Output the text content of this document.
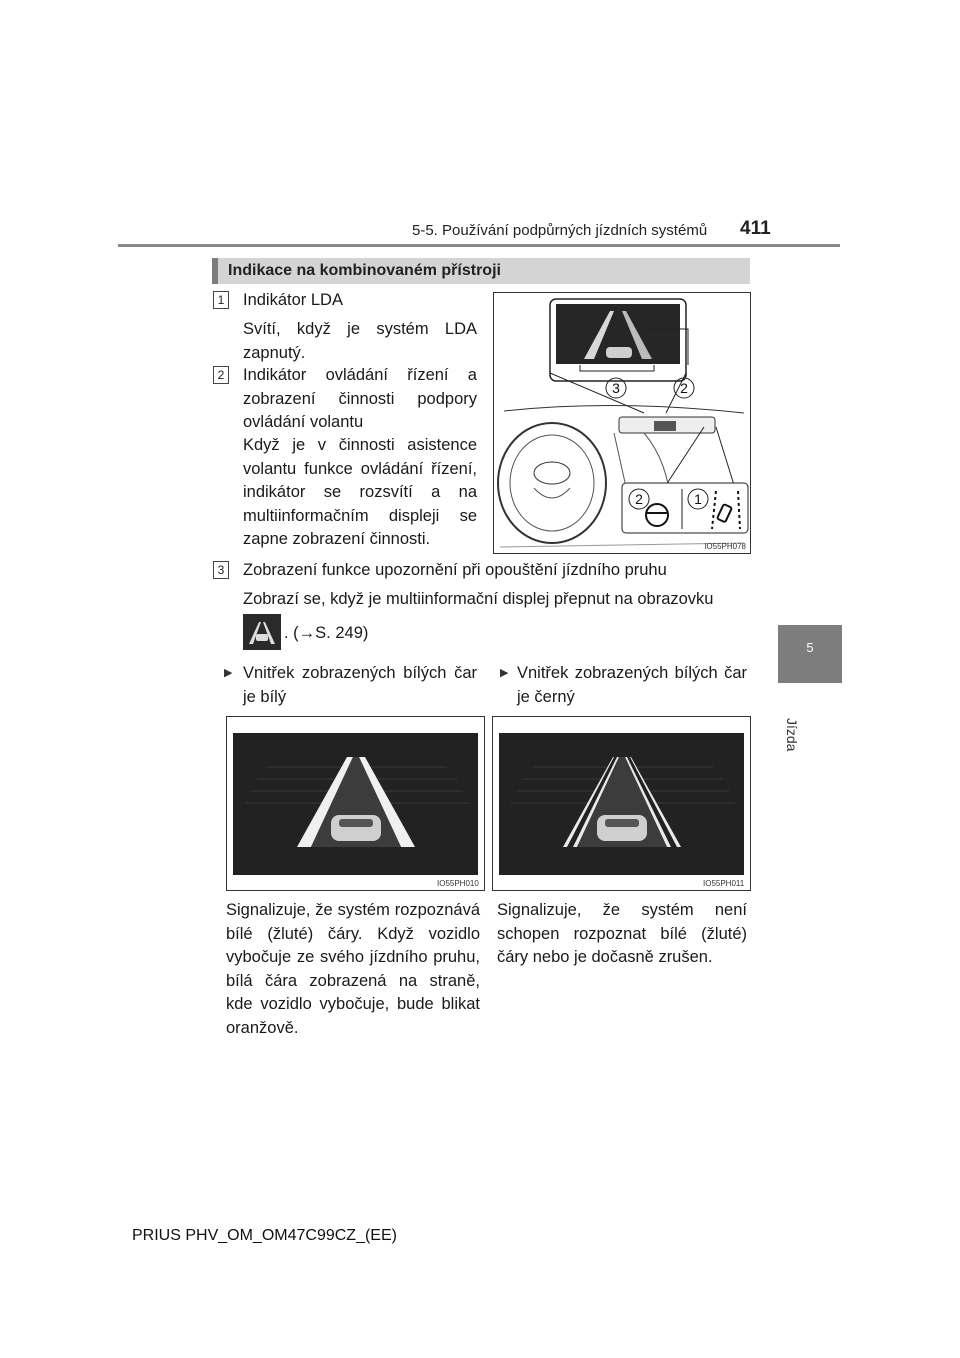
5-5. Používání podpůrných jízdních systémů 411
5
Jízda
Indikace na kombinovaném přístroji
1 Indikátor LDA
Svítí, když je systém LDA zapnutý.
2 Indikátor ovládání řízení a zobrazení činnosti podpory ovládání volantu
Když je v činnosti asistence volantu funkce ovládání řízení, indikátor se rozsvítí a na multiinformačním displeji se zapne zobrazení činnosti.
3	2
2	1
IO55PH078
3 Zobrazení funkce upozornění při opouštění jízdního pruhu
Zobrazí se, když je multiinformační displej přepnut na obrazovku
. (→S. 249)
▶ Vnitřek zobrazených bílých čar je bílý
▶ Vnitřek zobrazených bílých čar je černý
IO55PH010	IO55PH011
Signalizuje, že systém rozpoznává bílé (žluté) čáry. Když vozidlo vybočuje ze svého jízdního pruhu, bílá čára zobrazená na straně, kde vozidlo vybočuje, bude blikat oranžově.
Signalizuje, že systém není schopen rozpoznat bílé (žluté) čáry nebo je dočasně zrušen.
PRIUS PHV_OM_OM47C99CZ_(EE)
